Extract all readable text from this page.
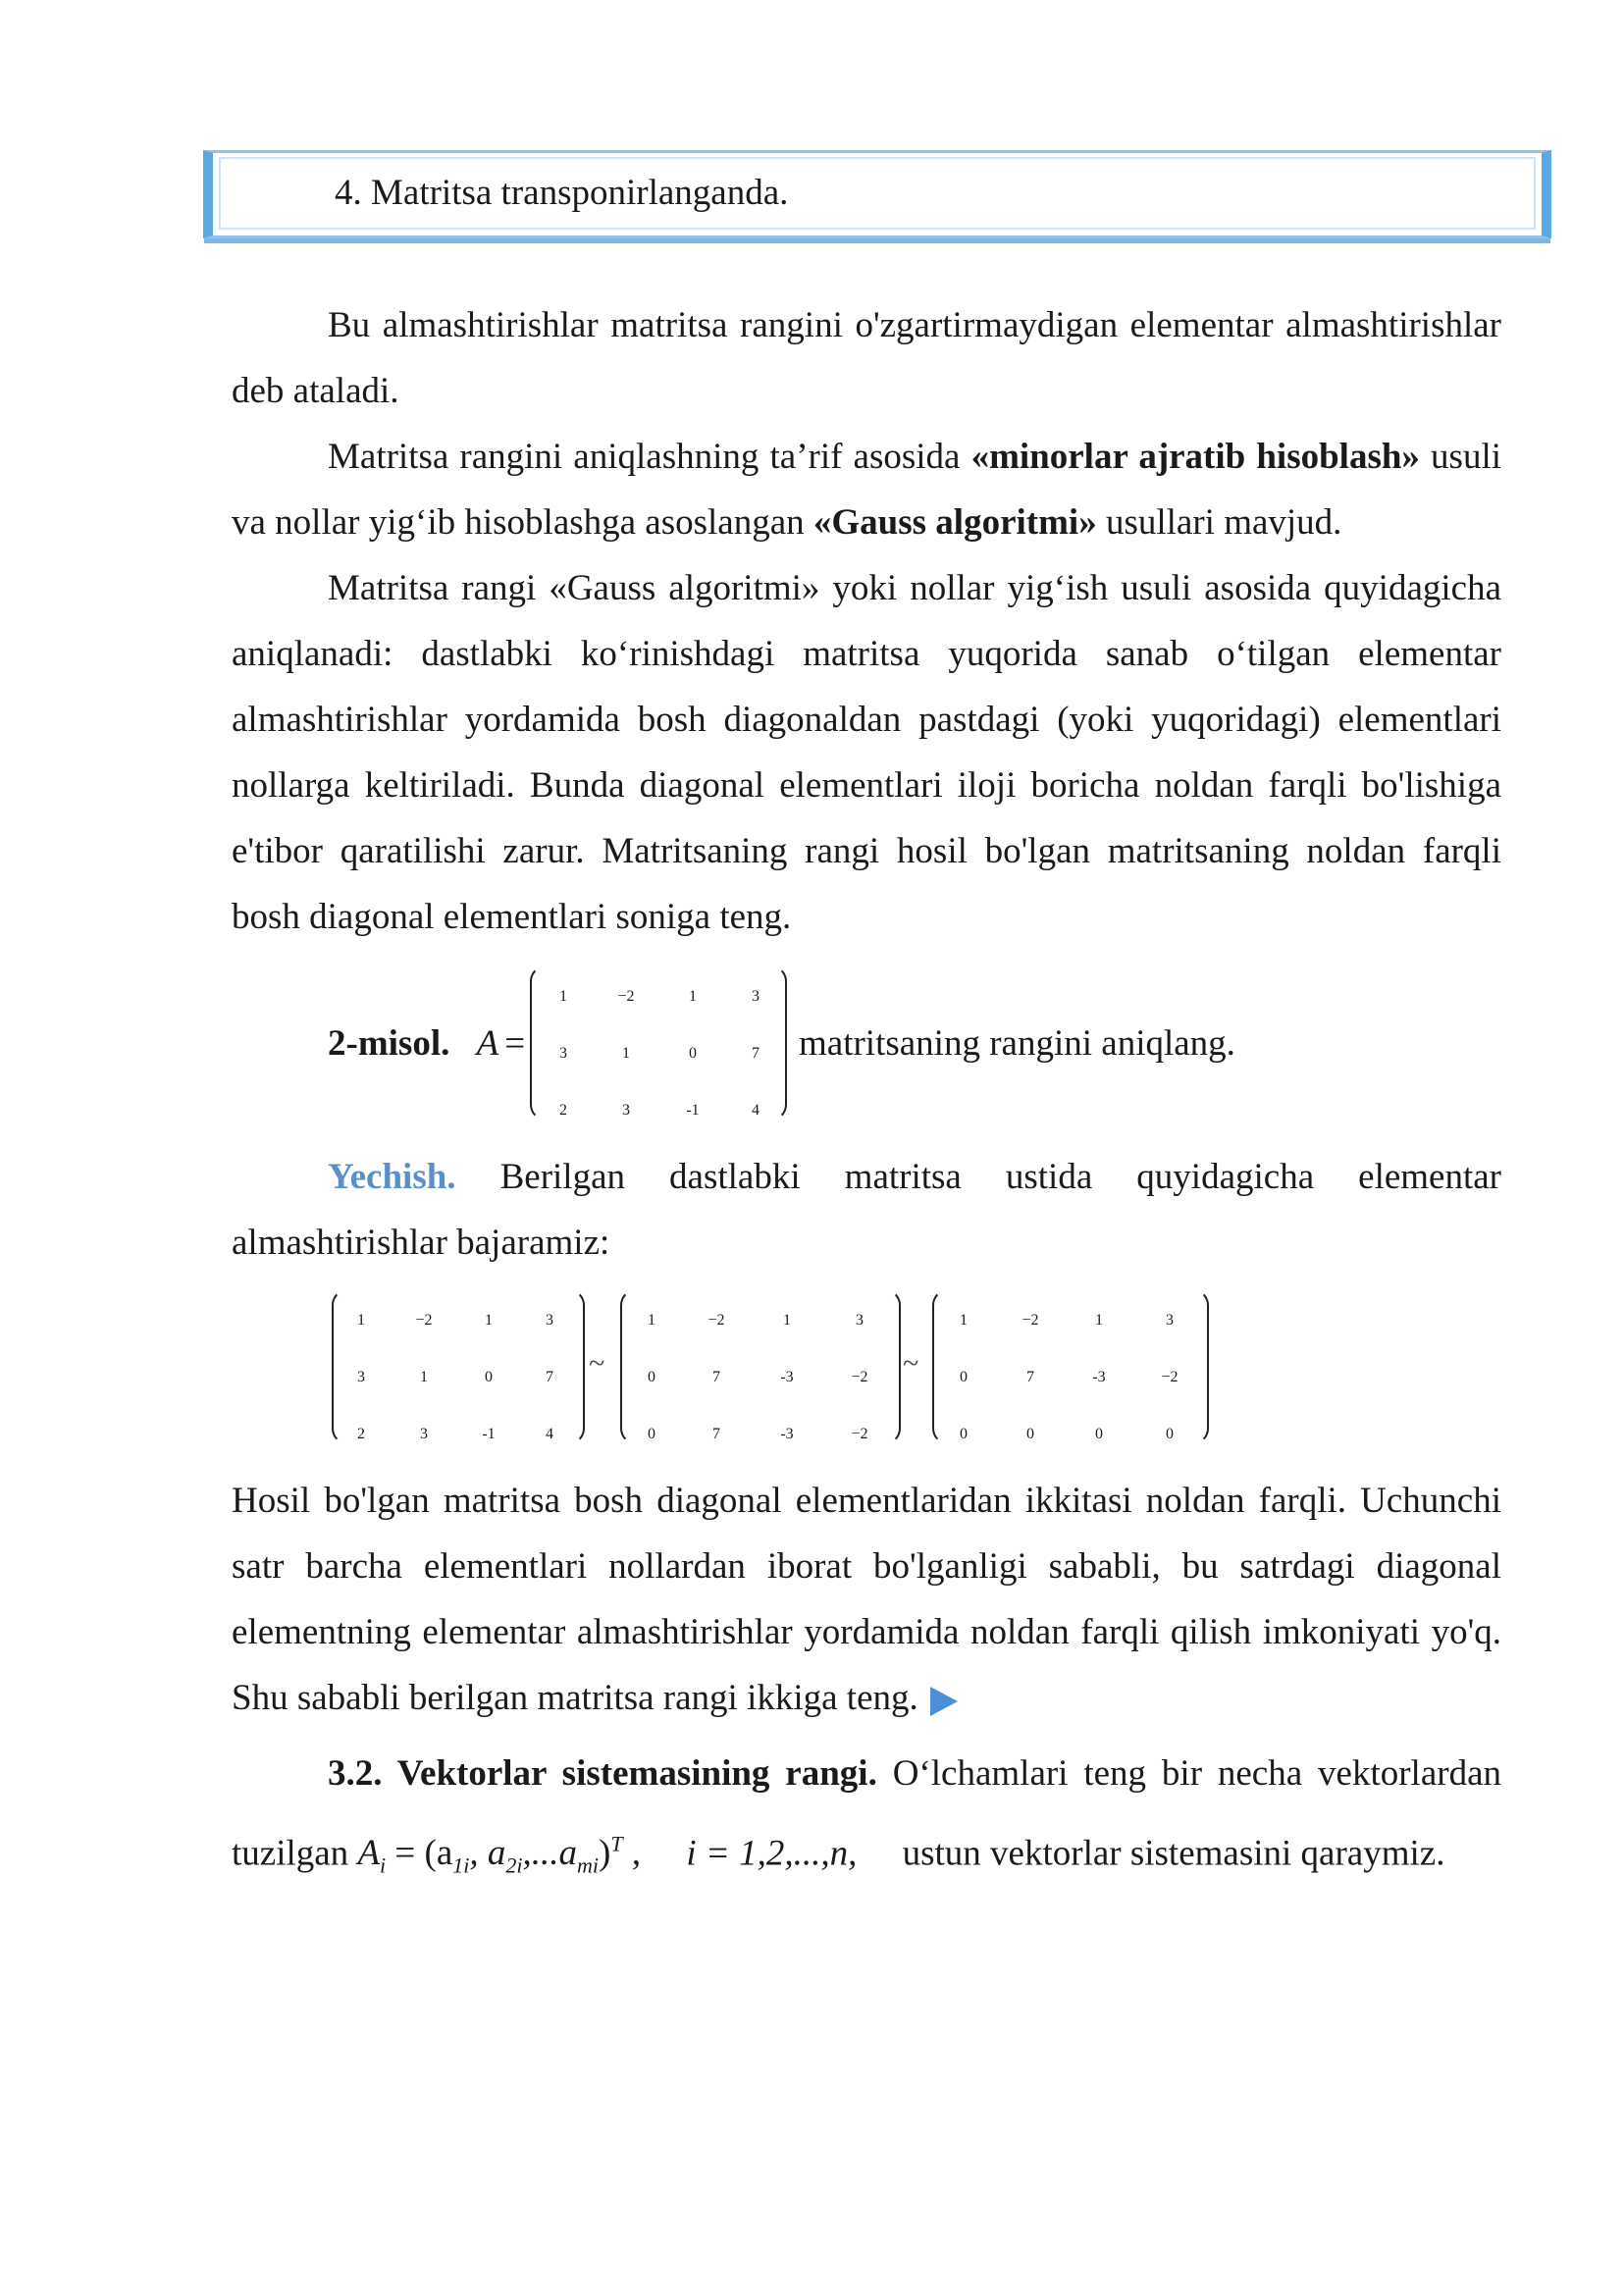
4. Matritsa transponirlanganda.
Bu almashtirishlar matritsa rangini o'zgartirmaydigan elementar almashtirishlar deb ataladi.
Matritsa rangini aniqlashning ta’rif asosida «minorlar ajratib hisoblash» usuli va nollar yig‘ib hisoblashga asoslangan «Gauss algoritmi» usullari mavjud.
Matritsa rangi «Gauss algoritmi» yoki nollar yig‘ish usuli asosida quyidagicha aniqlanadi: dastlabki ko‘rinishdagi matritsa yuqorida sanab o‘tilgan elementar almashtirishlar yordamida bosh diagonaldan pastdagi (yoki yuqoridagi) elementlari nollarga keltiriladi. Bunda diagonal elementlari iloji boricha noldan farqli bo'lishiga e'tibor qaratilishi zarur. Matritsaning rangi hosil bo'lgan matritsaning noldan farqli bosh diagonal elementlari soniga teng.
2-misol. A =
1	−2	1	3
3	1	0	7
2	3	-1	4
matritsaning rangini aniqlang.
Yechish. Berilgan dastlabki matritsa ustida quyidagicha elementar almashtirishlar bajaramiz:
1	−2	1	3
3	1	0	7
2	3	-1	4
~
1	−2	1	3
0	7	-3	−2
0	7	-3	−2
~
1	−2	1	3
0	7	-3	−2
0	0	0	0
Hosil bo'lgan matritsa bosh diagonal elementlaridan ikkitasi noldan farqli. Uchunchi satr barcha elementlari nollardan iborat bo'lganligi sababli, bu satrdagi diagonal elementning elementar almashtirishlar yordamida noldan farqli qilish imkoniyati yo'q. Shu sababli berilgan matritsa rangi ikkiga teng.
3.2. Vektorlar sistemasining rangi. O‘lchamlari teng bir necha vektorlardan tuzilgan $A_i = (a_{1i}$, $a_{2i},...a_{mi})^T$ , i = 1,2,...,n, ustun vektorlar sistemasini qaraymiz.
